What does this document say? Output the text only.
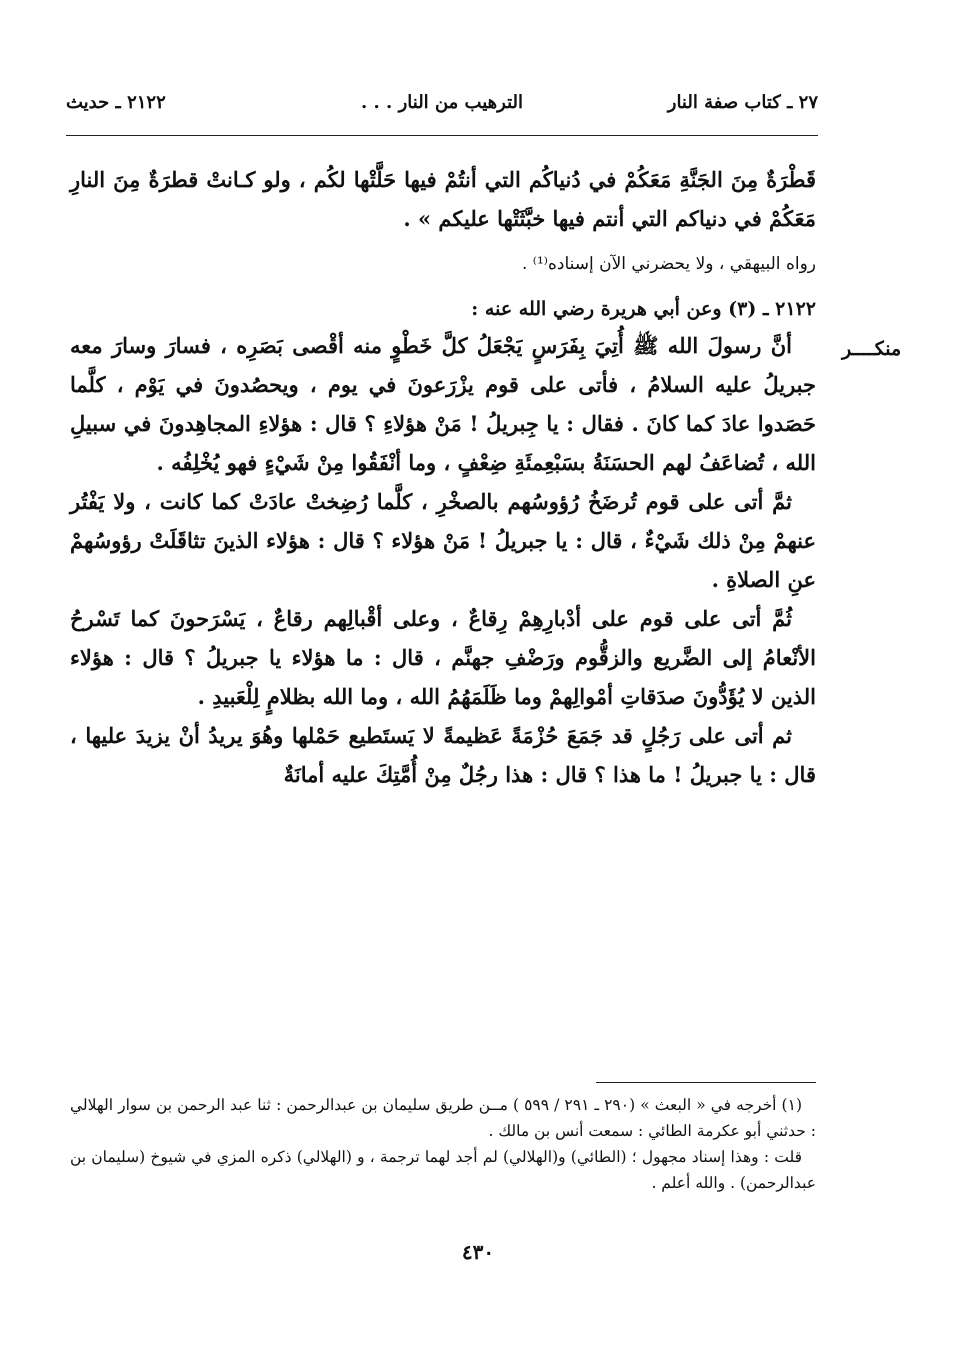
٢٧ ـ كتاب صفة النار
الترهيب من النار . . .
٢١٢٢ ـ حديث
منكــــر

قَطْرَةٌ مِنَ الجَنَّةِ مَعَكُمْ في دُنياكُم التي أنتُمْ فيها حَلَّتْها لكُم ، ولو كـانتْ قطرَةٌ مِنَ النارِ مَعَكُمْ في دنياكم التي أنتم فيها خبَّثَتْها عليكم » .

رواه البيهقي ، ولا يحضرني الآن إسناده⁽¹⁾ .

٢١٢٢ ـ (٣) وعن أبي هريرة رضي الله عنه :

أنَّ رسولَ الله ﷺ أُتِيَ بِفَرَسٍ يَجْعَلُ كلَّ خَطْوٍ منه أقْصى بَصَرِه ، فسارَ وسارَ معه جبريلُ عليه السلامُ ، فأتى على قوم يزْرَعونَ في يوم ، ويحصُدونَ في يَوْم ، كلَّما حَصَدوا عادَ كما كانَ . فقال : يا جِبريلُ ! مَنْ هؤلاءِ ؟ قال : هؤلاءِ المجاهِدونَ في سبيلِ الله ، تُضاعَفُ لهم الحسَنَةُ بسَبْعِمئَةِ ضِعْفٍ ، وما أنْفَقُوا مِنْ شَيْءٍ فهو يُخْلِفُه .

ثمَّ أتى على قوم تُرضَخُ رُؤوسُهم بالصخْرِ ، كلَّما رُضِختْ عادَتْ كما كانت ، ولا يَفْتُر عنهمْ مِنْ ذلك شَيْءٌ ، قال : يا جبريلُ ! مَنْ هؤلاء ؟ قال : هؤلاء الذينَ تثاقَلَتْ رؤوسُهمْ عنِ الصلاةِ .

ثُمَّ أتى على قوم على أدْبارِهِمْ رِقاعٌ ، وعلى أقْبالِهم رقاعٌ ، يَسْرَحونَ كما تَسْرحُ الأنْعامُ إلى الضَّريع والزقُّوم ورَضْفِ جهنَّم ، قال : ما هؤلاء يا جبريلُ ؟ قال : هؤلاء الذين لا يُؤَدُّونَ صدَقاتِ أمْوالِهمْ وما ظَلَمَهُمُ الله ، وما الله بظلامٍ لِلْعَبيدِ .

ثم أتى على رَجُلٍ قد جَمَعَ حُزْمَةً عَظيمةً لا يَستَطيع حَمْلها وهُوَ يريدُ أنْ يزيدَ عليها ، قال : يا جبريلُ ! ما هذا ؟ قال : هذا رجُلٌ مِنْ أُمَّتِكَ عليه أمانَةٌ

(١) أخرجه في « البعث » (٢٩٠ ـ ٢٩١ / ٥٩٩ ) مــن طريق سليمان بن عبدالرحمن : ثنا عبد الرحمن بن سوار الهلالي : حدثني أبو عكرمة الطائي : سمعت أنس بن مالك .

قلت : وهذا إسناد مجهول ؛ (الطائي) و(الهلالي) لم أجد لهما ترجمة ، و (الهلالي) ذكره المزي في شيوخ (سليمان بن عبدالرحمن) . والله أعلم .

٤٣٠
